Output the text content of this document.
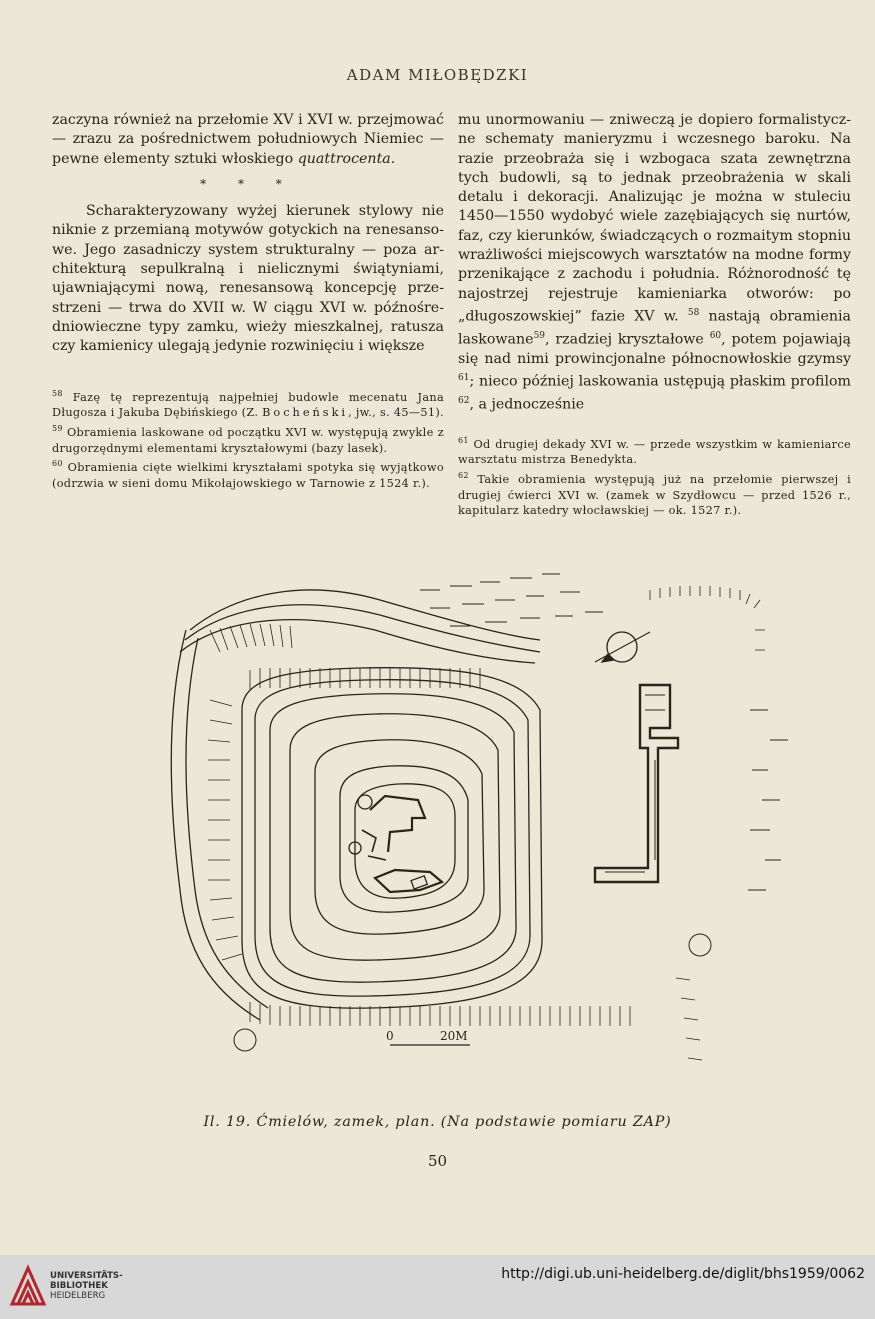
ADAM MIŁOBĘDZKI

zaczyna również na przełomie XV i XVI w. przejmować — zrazu za pośrednictwem południowych Niemiec — pewne elementy sztuki włoskiego quattrocenta.

* * *

Scharakteryzowany wyżej kierunek stylowy nie niknie z przemianą motywów gotyckich na renesansowe. Jego zasadniczy system strukturalny — poza architekturą sepulkralną i nielicznymi świątyniami, ujawniającymi nową, renesansową koncepcję przestrzeni — trwa do XVII w. W ciągu XVI w. późnośredniowieczne typy zamku, wieży mieszkalnej, ratusza czy kamienicy ulegają jedynie rozwinięciu i większe

mu unormowaniu — zniweczą je dopiero formalistyczne schematy manieryzmu i wczesnego baroku. Na razie przeobraża się i wzbogaca szata zewnętrzna tych budowli, są to jednak przeobrażenia w skali detalu i dekoracji. Analizując je można w stuleciu 1450—1550 wydobyć wiele zazębiających się nurtów, faz, czy kierunków, świadczących o rozmaitym stopniu wrażliwości miejscowych warsztatów na modne formy przenikające z zachodu i południa. Różnorodność tę najostrzej rejestruje kamieniarka otworów: po „długoszowskiej” fazie XV w. $^{58}$ nastają obramienia laskowane$^{59}$, rzadziej kryształowe $^{60}$, potem pojawiają się nad nimi prowincjonalne północnowłoskie gzymsy $^{61}$; nieco później laskowania ustępują płaskim profilom $^{62}$, a jednocześnie

$^{58}$ Fazę tę reprezentują najpełniej budowle mecenatu Jana Długosza i Jakuba Dębińskiego (Z. Bocheński, jw., s. 45—51).

$^{59}$ Obramienia laskowane od początku XVI w. występują zwykle z drugorzędnymi elementami kryształowymi (bazy lasek).

$^{60}$ Obramienia cięte wielkimi kryształami spotyka się wyjątkowo (odrzwia w sieni domu Mikołajowskiego w Tarnowie z 1524 r.).

$^{61}$ Od drugiej dekady XVI w. — przede wszystkim w kamieniarce warsztatu mistrza Benedykta.

$^{62}$ Takie obramienia występują już na przełomie pierwszej i drugiej ćwierci XVI w. (zamek w Szydłowcu — przed 1526 r., kapitularz katedry włocławskiej — ok. 1527 r.).

0	20M
Il. 19. Ćmielów, zamek, plan. (Na podstawie pomiaru ZAP)
50
UNIVERSITÄTS-
BIBLIOTHEK
HEIDELBERG
http://digi.ub.uni-heidelberg.de/diglit/bhs1959/0062
